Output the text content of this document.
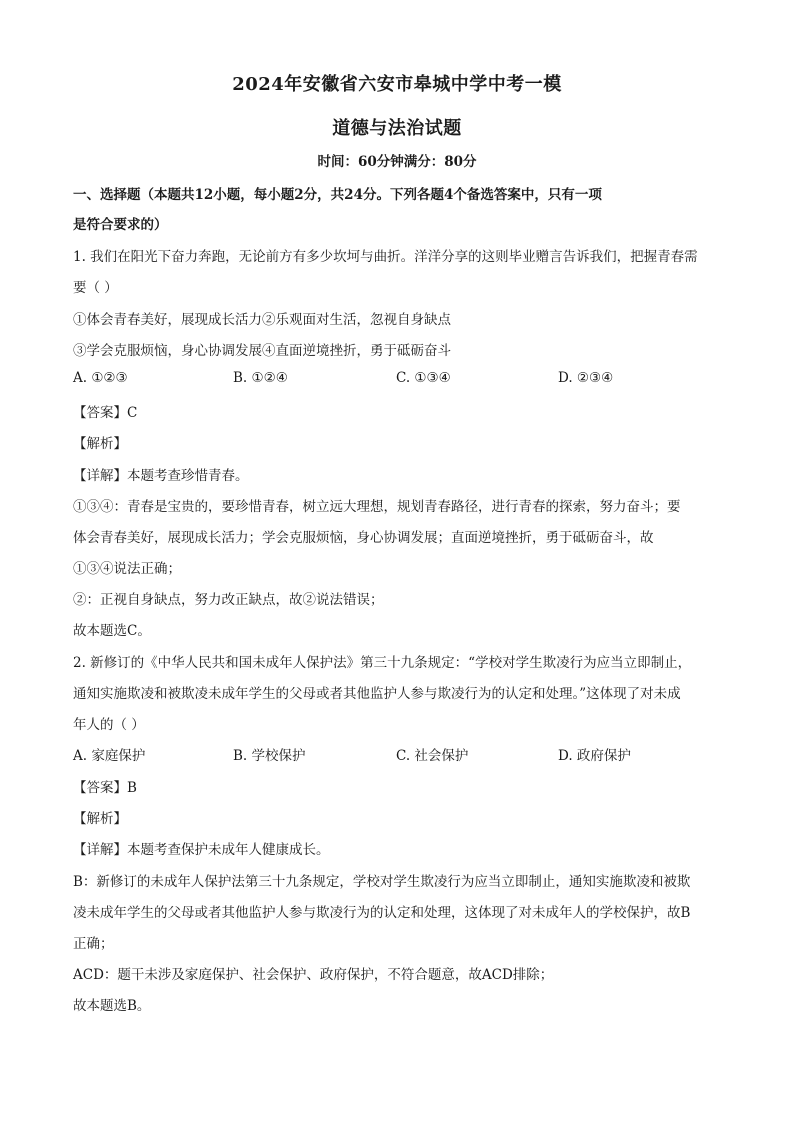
2024年安徽省六安市皋城中学中考一模
道德与法治试题
时间：60分钟满分：80分
一、选择题（本题共12小题，每小题2分，共24分。下列各题4个备选答案中，只有一项
是符合要求的）
1. 我们在阳光下奋力奔跑，无论前方有多少坎坷与曲折。洋洋分享的这则毕业赠言告诉我们，把握青春需
要（ ）
①体会青春美好，展现成长活力②乐观面对生活，忽视自身缺点
③学会克服烦恼，身心协调发展④直面逆境挫折，勇于砥砺奋斗
A. ①②③	B. ①②④	C. ①③④	D. ②③④
【答案】C
【解析】
【详解】本题考查珍惜青春。
①③④：青春是宝贵的，要珍惜青春，树立远大理想，规划青春路径，进行青春的探索，努力奋斗；要
体会青春美好，展现成长活力；学会克服烦恼，身心协调发展；直面逆境挫折，勇于砥砺奋斗，故
①③④说法正确；
②：正视自身缺点，努力改正缺点，故②说法错误；
故本题选C。
2. 新修订的《中华人民共和国未成年人保护法》第三十九条规定：“学校对学生欺凌行为应当立即制止，
通知实施欺凌和被欺凌未成年学生的父母或者其他监护人参与欺凌行为的认定和处理。”这体现了对未成
年人的（ ）
A. 家庭保护	B. 学校保护	C. 社会保护	D. 政府保护
【答案】B
【解析】
【详解】本题考查保护未成年人健康成长。
B：新修订的未成年人保护法第三十九条规定，学校对学生欺凌行为应当立即制止，通知实施欺凌和被欺
凌未成年学生的父母或者其他监护人参与欺凌行为的认定和处理，这体现了对未成年人的学校保护，故B
正确；
ACD：题干未涉及家庭保护、社会保护、政府保护，不符合题意，故ACD排除；
故本题选B。
